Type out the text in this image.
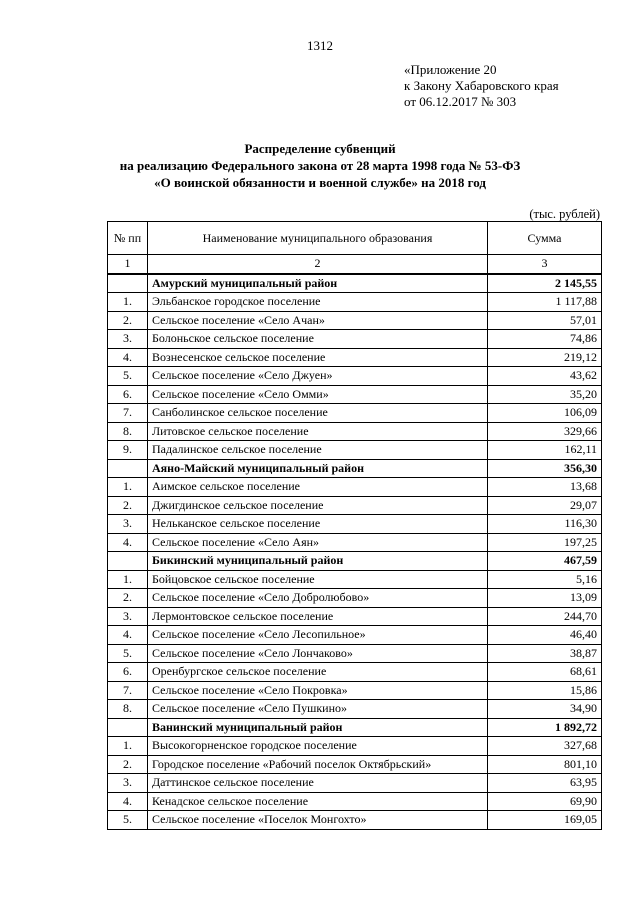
1312
«Приложение 20
к Закону Хабаровского края
от 06.12.2017 № 303
Распределение субвенций
на реализацию Федерального закона от 28 марта 1998 года № 53-ФЗ
«О воинской обязанности и военной службе» на 2018 год
(тыс. рублей)
№ пп	Наименование муниципального образования	Сумма
1	2	3
	Амурский муниципальный район	2 145,55
1.	Эльбанское городское поселение	1 117,88
2.	Сельское поселение «Село Ачан»	57,01
3.	Болоньское сельское поселение	74,86
4.	Вознесенское сельское поселение	219,12
5.	Сельское поселение «Село Джуен»	43,62
6.	Сельское поселение «Село Омми»	35,20
7.	Санболинское сельское поселение	106,09
8.	Литовское сельское поселение	329,66
9.	Падалинское сельское поселение	162,11
	Аяно-Майский муниципальный район	356,30
1.	Аимское сельское поселение	13,68
2.	Джигдинское сельское поселение	29,07
3.	Нельканское сельское поселение	116,30
4.	Сельское поселение «Село Аян»	197,25
	Бикинский муниципальный район	467,59
1.	Бойцовское сельское поселение	5,16
2.	Сельское поселение «Село Добролюбово»	13,09
3.	Лермонтовское сельское поселение	244,70
4.	Сельское поселение «Село Лесопильное»	46,40
5.	Сельское поселение «Село Лончаково»	38,87
6.	Оренбургское сельское поселение	68,61
7.	Сельское поселение «Село Покровка»	15,86
8.	Сельское поселение «Село Пушкино»	34,90
	Ванинский муниципальный район	1 892,72
1.	Высокогорненское городское поселение	327,68
2.	Городское поселение «Рабочий поселок Октябрьский»	801,10
3.	Даттинское сельское поселение	63,95
4.	Кенадское сельское поселение	69,90
5.	Сельское поселение «Поселок Монгохто»	169,05
